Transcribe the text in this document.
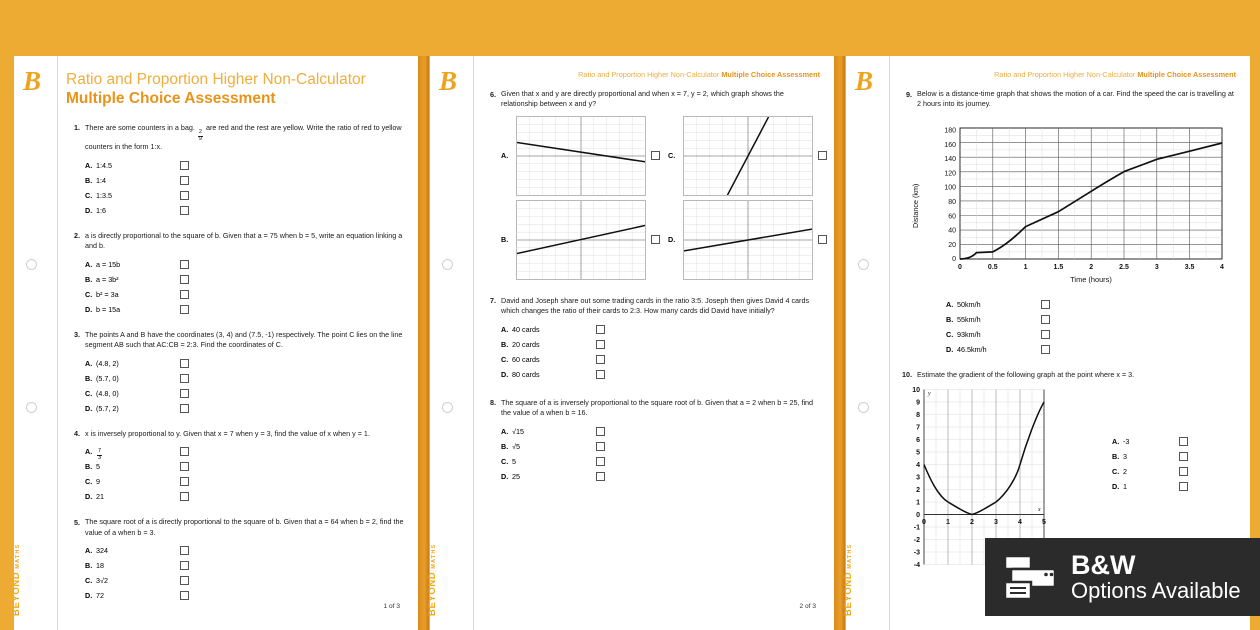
B
BEYONDMATHS
Ratio and Proportion Higher Non-Calculator
Multiple Choice Assessment
1. There are some counters in a bag.
$\frac{2}{9}$
are red and the rest are yellow. Write the ratio of red to yellow counters in the form 1:x.
A. 1:4.5
B. 1:4
C. 1:3.5
D. 1:6
2. a is directly proportional to the square of b. Given that a = 75 when b = 5, write an equation linking a and b.
A. a = 15b
B. a = 3b²
C. b² = 3a
D. b = 15a
3. The points A and B have the coordinates (3, 4) and (7.5, -1) respectively. The point C lies on the line segment AB such that AC:CB = 2:3. Find the coordinates of C.
A. (4.8, 2)
B. (5.7, 0)
C. (4.8, 0)
D. (5.7, 2)
4. x is inversely proportional to y. Given that x = 7 when y = 3, find the value of x when y = 1.
A. $\frac{7}{3}$
B. 5
C. 9
D. 21
5. The square root of a is directly proportional to the square of b. Given that a = 64 when b = 2, find the value of a when b = 3.
A. 324
B. 18
C. 3√2
D. 72
1 of 3
B
BEYONDMATHS
Ratio and Proportion Higher Non-Calculator Multiple Choice Assessment
6. Given that x and y are directly proportional and when x = 7, y = 2, which graph shows the relationship between x and y?
A.	C.
B.	D.
7. David and Joseph share out some trading cards in the ratio 3:5. Joseph then gives David 4 cards which changes the ratio of their cards to 2:3. How many cards did David have initially?
A. 40 cards
B. 20 cards
C. 60 cards
D. 80 cards
8. The square of a is inversely proportional to the square root of b. Given that a = 2 when b = 25, find the value of a when b = 16.
A. √15
B. √5
C. 5
D. 25
2 of 3
B
BEYONDMATHS
Ratio and Proportion Higher Non-Calculator Multiple Choice Assessment
9. Below is a distance-time graph that shows the motion of a car. Find the speed the car is travelling at 2 hours into its journey.
Distance (km)
180
160
140
120
100
80
60
40
20
0
0	0.5	1	1.5	2	2.5	3	3.5	4
Time (hours)
A. 50km/h
B. 55km/h
C. 93km/h
D. 46.5km/h
10. Estimate the gradient of the following graph at the point where x = 3.
10
9
8
7
6
5
4
3
2
1
0
-1
-2
-3
-4
y
x
0	1	2	3	4	5
A. -3
B. 3
C. 2
D. 1
B&W
Options Available
